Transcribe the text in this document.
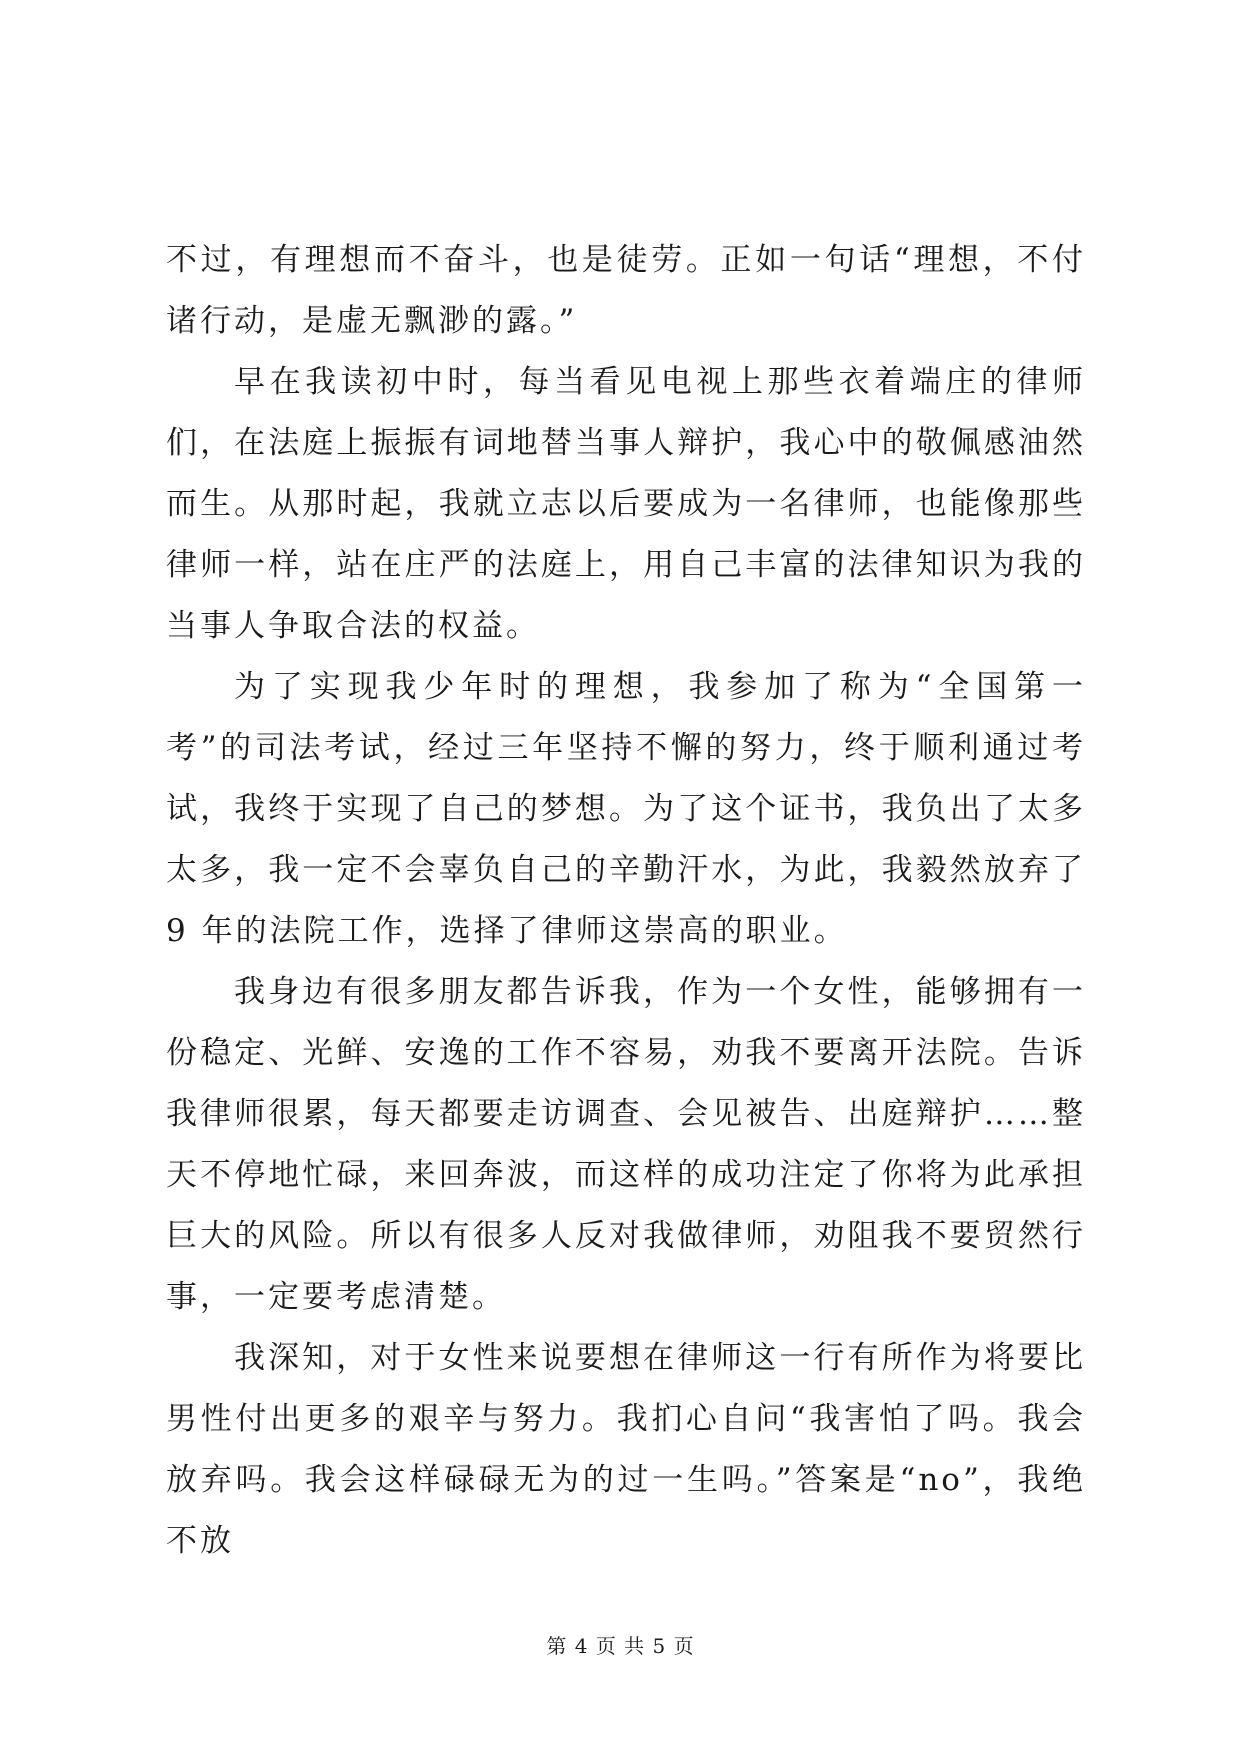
不过，有理想而不奋斗，也是徒劳。正如一句话“理想，不付诸行动，是虚无飘渺的露。”

早在我读初中时，每当看见电视上那些衣着端庄的律师们，在法庭上振振有词地替当事人辩护，我心中的敬佩感油然而生。从那时起，我就立志以后要成为一名律师，也能像那些律师一样，站在庄严的法庭上，用自己丰富的法律知识为我的当事人争取合法的权益。

为了实现我少年时的理想，我参加了称为“全国第一考”的司法考试，经过三年坚持不懈的努力，终于顺利通过考试，我终于实现了自己的梦想。为了这个证书，我负出了太多太多，我一定不会辜负自己的辛勤汗水，为此，我毅然放弃了 9 年的法院工作，选择了律师这崇高的职业。

我身边有很多朋友都告诉我，作为一个女性，能够拥有一份稳定、光鲜、安逸的工作不容易，劝我不要离开法院。告诉我律师很累，每天都要走访调查、会见被告、出庭辩护……整天不停地忙碌，来回奔波，而这样的成功注定了你将为此承担巨大的风险。所以有很多人反对我做律师，劝阻我不要贸然行事，一定要考虑清楚。

我深知，对于女性来说要想在律师这一行有所作为将要比男性付出更多的艰辛与努力。我扪心自问“我害怕了吗。我会放弃吗。我会这样碌碌无为的过一生吗。”答案是“no”，我绝不放

第 4 页 共 5 页
